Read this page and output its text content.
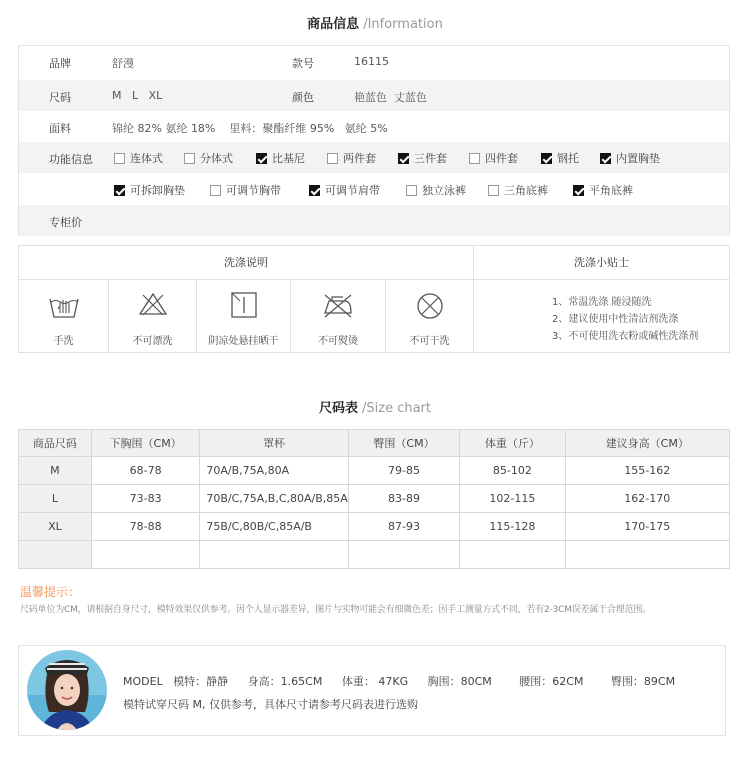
商品信息 /Information
品牌	舒漫	款号	16115
尺码	M   L   XL	颜色	艳蓝色  丈蓝色
面料	锦纶 82% 氨纶 18%    里料：聚酯纤维 95%   氨纶 5%
功能信息	连体式	分体式	比基尼	两件套	三件套	四件套	钢托	内置胸垫
可拆卸胸垫	可调节胸带	可调节肩带	独立泳裤	三角底裤	平角底裤
专柜价
洗涤说明	洗涤小贴士
手洗	不可漂洗	阴凉处悬挂晒干	不可熨烫	不可干洗
1、常温洗涤 随浸随洗
2、建议使用中性清洁剂洗涤
3、不可使用洗衣粉或碱性洗涤剂
尺码表 /Size chart
商品尺码	下胸围（CM）	罩杯	臀围（CM）	体重（斤）	建议身高（CM）
M	68-78	70A/B,75A,80A	79-85	85-102	155-162
L	73-83	70B/C,75A,B,C,80A/B,85A	83-89	102-115	162-170
XL	78-88	75B/C,80B/C,85A/B	87-93	115-128	170-175

温馨提示：
尺码单位为CM，请根据自身尺寸，模特效果仅供参考。因个人显示器差异，图片与实物可能会有细微色差；因手工测量方式不同，若有2-3CM误差属于合理范围。
MODEL   模特：静静 身高：1.65CM 体重： 47KG 胸围：80CM	腰围：62CM	臀围：89CM
模特试穿尺码 M, 仅供参考，具体尺寸请参考尺码表进行选购
